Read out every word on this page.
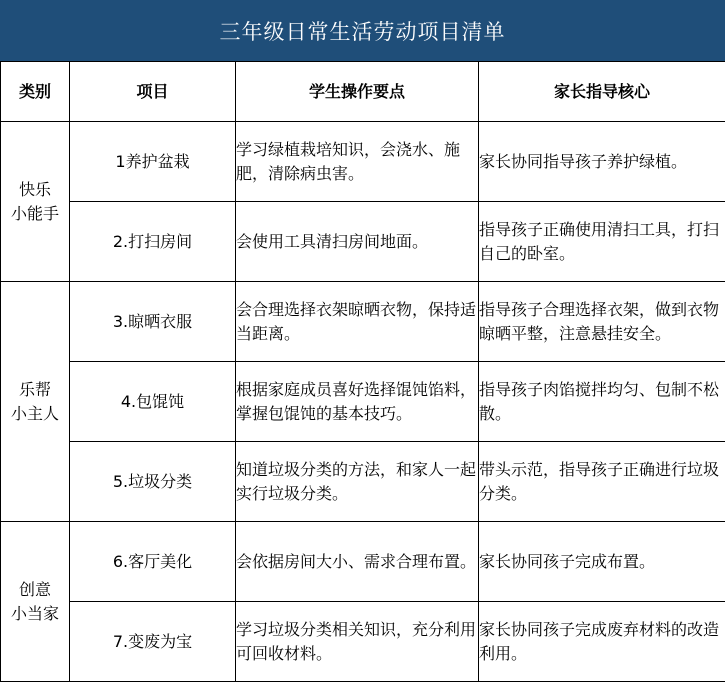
三年级日常生活劳动项目清单
类别	项目	学生操作要点	家长指导核心

快乐
小能手	1养护盆栽	学习绿植栽培知识，会浇水、施肥，清除病虫害。	家长协同指导孩子养护绿植。
	2.打扫房间	会使用工具清扫房间地面。	指导孩子正确使用清扫工具，打扫自己的卧室。

乐帮
小主人	3.晾晒衣服	会合理选择衣架晾晒衣物，保持适当距离。	指导孩子合理选择衣架，做到衣物晾晒平整，注意悬挂安全。
	4.包馄饨	根据家庭成员喜好选择馄饨馅料，掌握包馄饨的基本技巧。	指导孩子肉馅搅拌均匀、包制不松散。
	5.垃圾分类	知道垃圾分类的方法，和家人一起实行垃圾分类。	带头示范，指导孩子正确进行垃圾分类。

创意
小当家	6.客厅美化	会依据房间大小、需求合理布置。	家长协同孩子完成布置。
	7.变废为宝	学习垃圾分类相关知识，充分利用可回收材料。	家长协同孩子完成废弃材料的改造利用。
